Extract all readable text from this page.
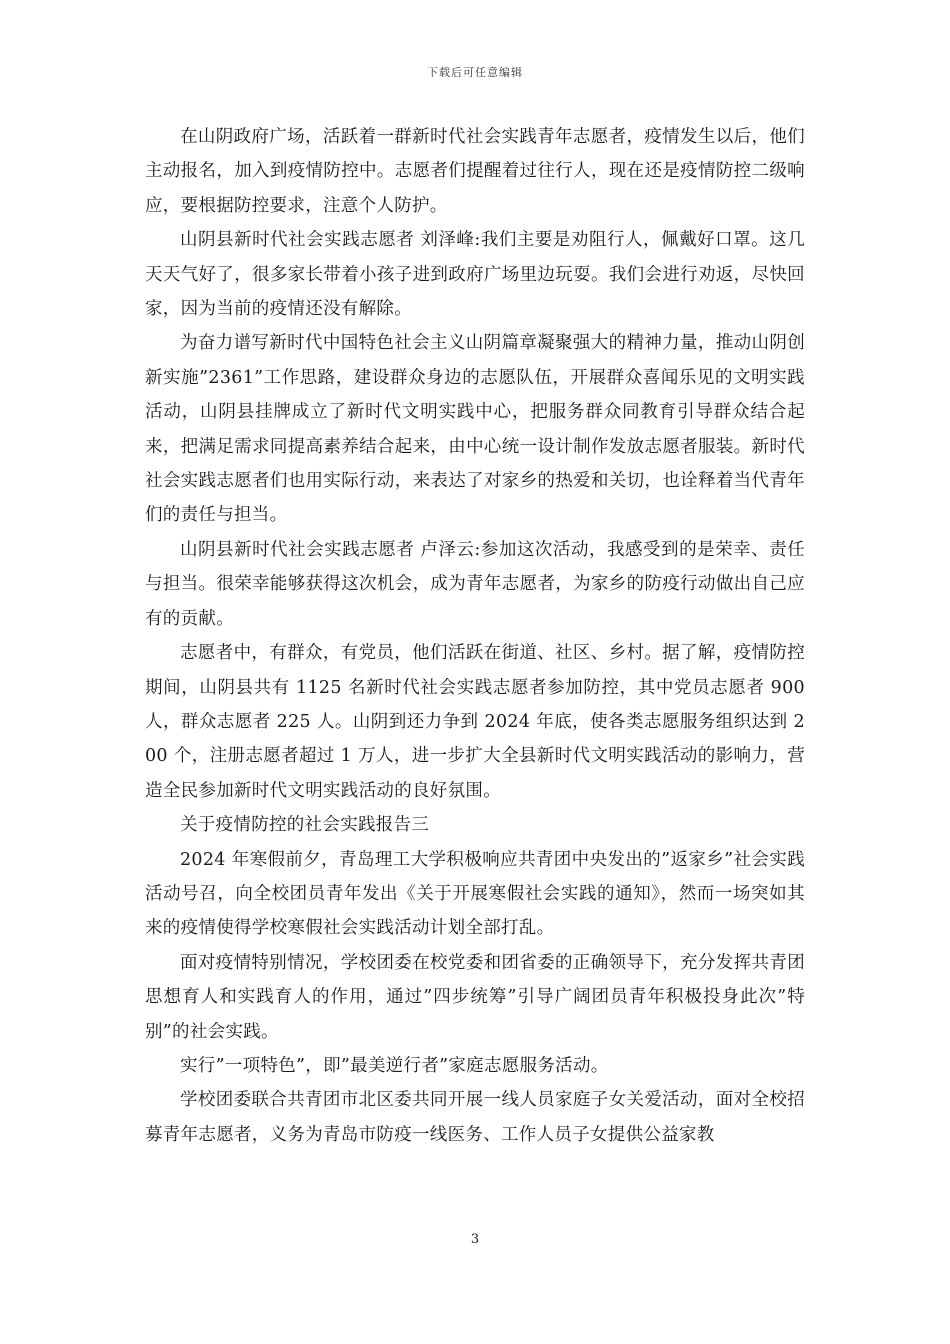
下载后可任意编辑

在山阴政府广场，活跃着一群新时代社会实践青年志愿者，疫情发生以后，他们主动报名，加入到疫情防控中。志愿者们提醒着过往行人，现在还是疫情防控二级响应，要根据防控要求，注意个人防护。

山阴县新时代社会实践志愿者 刘泽峰:我们主要是劝阻行人，佩戴好口罩。这几天天气好了，很多家长带着小孩子进到政府广场里边玩耍。我们会进行劝返，尽快回家，因为当前的疫情还没有解除。

为奋力谱写新时代中国特色社会主义山阴篇章凝聚强大的精神力量，推动山阴创新实施”2361”工作思路，建设群众身边的志愿队伍，开展群众喜闻乐见的文明实践活动，山阴县挂牌成立了新时代文明实践中心，把服务群众同教育引导群众结合起来，把满足需求同提高素养结合起来，由中心统一设计制作发放志愿者服装。新时代社会实践志愿者们也用实际行动，来表达了对家乡的热爱和关切，也诠释着当代青年们的责任与担当。

山阴县新时代社会实践志愿者 卢泽云:参加这次活动，我感受到的是荣幸、责任与担当。很荣幸能够获得这次机会，成为青年志愿者，为家乡的防疫行动做出自己应有的贡献。

志愿者中，有群众，有党员，他们活跃在街道、社区、乡村。据了解，疫情防控期间，山阴县共有 1125 名新时代社会实践志愿者参加防控，其中党员志愿者 900 人，群众志愿者 225 人。山阴到还力争到 2024 年底，使各类志愿服务组织达到 200 个，注册志愿者超过 1 万人，进一步扩大全县新时代文明实践活动的影响力，营造全民参加新时代文明实践活动的良好氛围。

关于疫情防控的社会实践报告三

2024 年寒假前夕，青岛理工大学积极响应共青团中央发出的”返家乡”社会实践活动号召，向全校团员青年发出《关于开展寒假社会实践的通知》，然而一场突如其来的疫情使得学校寒假社会实践活动计划全部打乱。

面对疫情特别情况，学校团委在校党委和团省委的正确领导下，充分发挥共青团思想育人和实践育人的作用，通过”四步统筹”引导广阔团员青年积极投身此次”特别”的社会实践。

实行”一项特色”，即”最美逆行者”家庭志愿服务活动。

学校团委联合共青团市北区委共同开展一线人员家庭子女关爱活动，面对全校招募青年志愿者，义务为青岛市防疫一线医务、工作人员子女提供公益家教

3
